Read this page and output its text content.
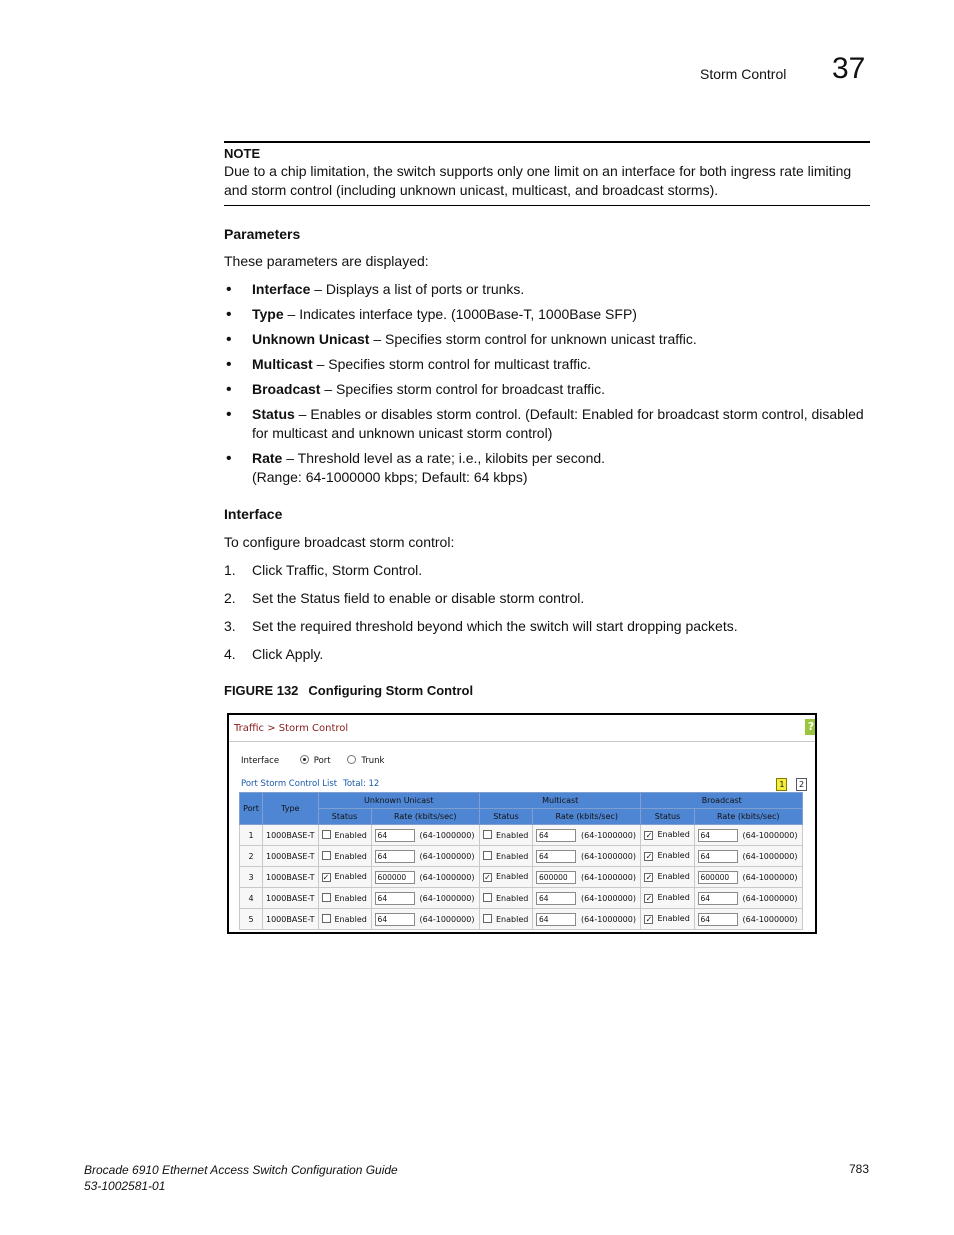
Storm Control 37
NOTE
Due to a chip limitation, the switch supports only one limit on an interface for both ingress rate limiting and storm control (including unknown unicast, multicast, and broadcast storms).
Parameters
These parameters are displayed:
• Interface – Displays a list of ports or trunks.
• Type – Indicates interface type. (1000Base-T, 1000Base SFP)
• Unknown Unicast – Specifies storm control for unknown unicast traffic.
• Multicast – Specifies storm control for multicast traffic.
• Broadcast – Specifies storm control for broadcast traffic.
• Status – Enables or disables storm control. (Default: Enabled for broadcast storm control, disabled for multicast and unknown unicast storm control)
• Rate – Threshold level as a rate; i.e., kilobits per second.
(Range: 64-1000000 kbps; Default: 64 kbps)
Interface
To configure broadcast storm control:
1. Click Traffic, Storm Control.
2. Set the Status field to enable or disable storm control.
3. Set the required threshold beyond which the switch will start dropping packets.
4. Click Apply.
FIGURE 132 Configuring Storm Control
Traffic > Storm Control	?
Interface	Port	Trunk
Port Storm Control List Total: 12	1 2
Port	Type	Unknown Unicast		Multicast		Broadcast	
		Status	Rate (kbits/sec)	Status	Rate (kbits/sec)	Status	Rate (kbits/sec)
1	1000BASE-T	Enabled	64 (64-1000000)	Enabled	64 (64-1000000)	✓ Enabled	64 (64-1000000)
2	1000BASE-T	Enabled	64 (64-1000000)	Enabled	64 (64-1000000)	✓ Enabled	64 (64-1000000)
3	1000BASE-T	✓ Enabled	600000 (64-1000000)	✓ Enabled	600000 (64-1000000)	✓ Enabled	600000 (64-1000000)
4	1000BASE-T	Enabled	64 (64-1000000)	Enabled	64 (64-1000000)	✓ Enabled	64 (64-1000000)
5	1000BASE-T	Enabled	64 (64-1000000)	Enabled	64 (64-1000000)	✓ Enabled	64 (64-1000000)
Brocade 6910 Ethernet Access Switch Configuration Guide
53-1002581-01
783
